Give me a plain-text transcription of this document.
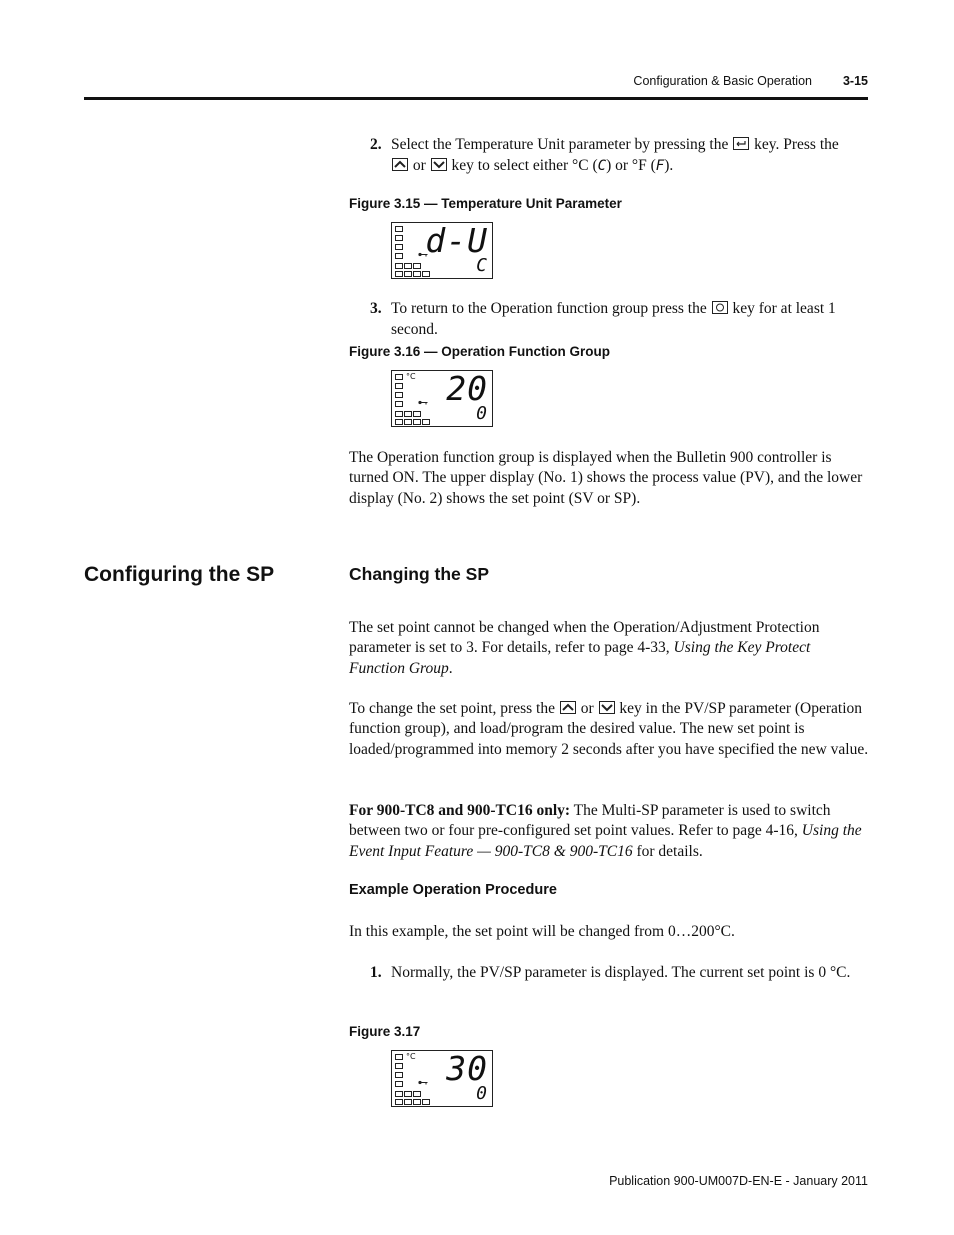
Configuration & Basic Operation 3-15
2. Select the Temperature Unit parameter by pressing the key. Press the

or key to select either °C (C) or °F (F).
Figure 3.15 — Temperature Unit Parameter
d-U
C
3. To return to the Operation function group press the key for at least 1 second.
Figure 3.16 — Operation Function Group
°C 20
0
The Operation function group is displayed when the Bulletin 900 controller is turned ON. The upper display (No. 1) shows the process value (PV), and the lower display (No. 2) shows the set point (SV or SP).
Configuring the SP	Changing the SP
The set point cannot be changed when the Operation/Adjustment Protection parameter is set to 3. For details, refer to page 4-33, Using the Key Protect Function Group.
To change the set point, press the or key in the PV/SP parameter (Operation function group), and load/program the desired value. The new set point is loaded/programmed into memory 2 seconds after you have specified the new value.
For 900-TC8 and 900-TC16 only: The Multi-SP parameter is used to switch between two or four pre-configured set point values. Refer to page 4-16, Using the Event Input Feature — 900-TC8 & 900-TC16 for details.
Example Operation Procedure
In this example, the set point will be changed from 0…200°C.
1. Normally, the PV/SP parameter is displayed. The current set point is 0 °C.
Figure 3.17
°C 30
0
Publication 900-UM007D-EN-E - January 2011
